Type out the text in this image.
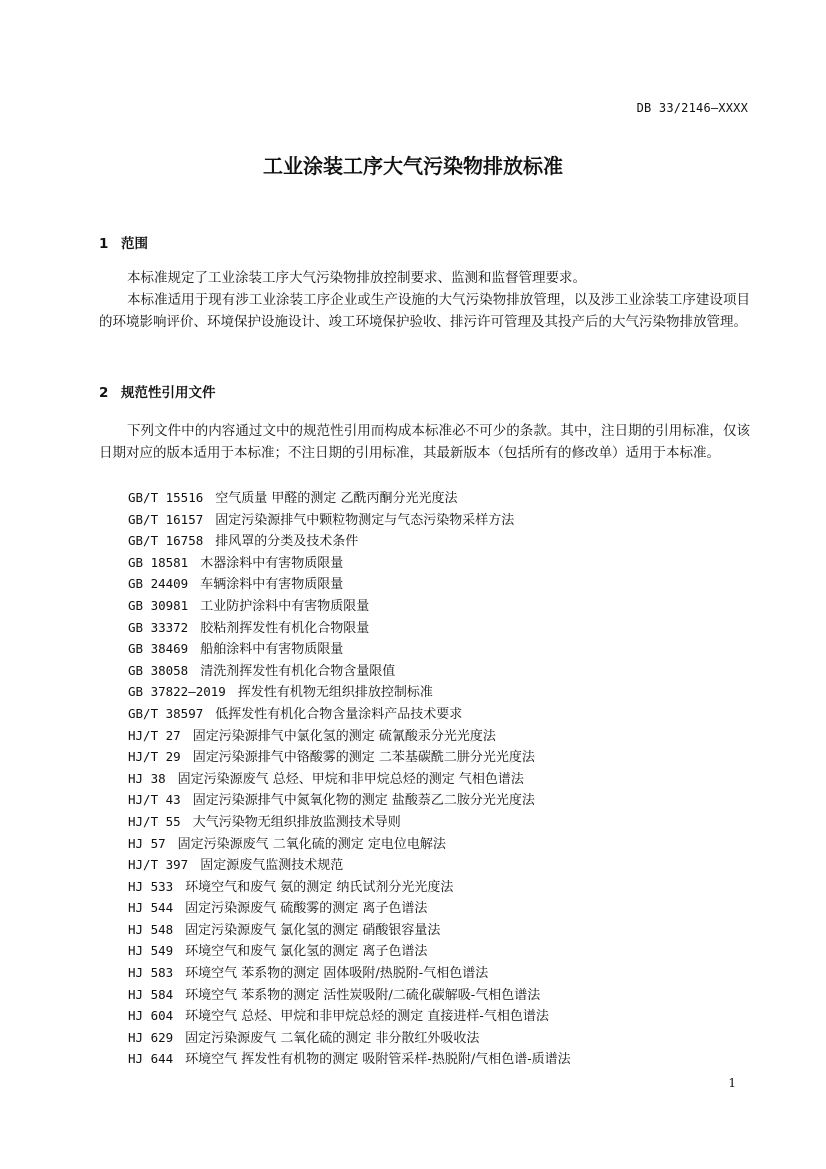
DB 33/2146—XXXX
工业涂装工序大气污染物排放标准
1 范围

本标准规定了工业涂装工序大气污染物排放控制要求、监测和监督管理要求。

本标准适用于现有涉工业涂装工序企业或生产设施的大气污染物排放管理，以及涉工业涂装工序建设项目的环境影响评价、环境保护设施设计、竣工环境保护验收、排污许可管理及其投产后的大气污染物排放管理。

2 规范性引用文件

下列文件中的内容通过文中的规范性引用而构成本标准必不可少的条款。其中，注日期的引用标准，仅该日期对应的版本适用于本标准；不注日期的引用标准，其最新版本（包括所有的修改单）适用于本标准。

GB/T 15516 空气质量 甲醛的测定 乙酰丙酮分光光度法
GB/T 16157 固定污染源排气中颗粒物测定与气态污染物采样方法
GB/T 16758 排风罩的分类及技术条件
GB 18581 木器涂料中有害物质限量
GB 24409 车辆涂料中有害物质限量
GB 30981 工业防护涂料中有害物质限量
GB 33372 胶粘剂挥发性有机化合物限量
GB 38469 船舶涂料中有害物质限量
GB 38058 清洗剂挥发性有机化合物含量限值
GB 37822—2019 挥发性有机物无组织排放控制标准
GB/T 38597 低挥发性有机化合物含量涂料产品技术要求
HJ/T 27 固定污染源排气中氯化氢的测定 硫氰酸汞分光光度法
HJ/T 29 固定污染源排气中铬酸雾的测定 二苯基碳酰二肼分光光度法
HJ 38 固定污染源废气 总烃、甲烷和非甲烷总烃的测定 气相色谱法
HJ/T 43 固定污染源排气中氮氧化物的测定 盐酸萘乙二胺分光光度法
HJ/T 55 大气污染物无组织排放监测技术导则
HJ 57 固定污染源废气 二氧化硫的测定 定电位电解法
HJ/T 397 固定源废气监测技术规范
HJ 533 环境空气和废气 氨的测定 纳氏试剂分光光度法
HJ 544 固定污染源废气 硫酸雾的测定 离子色谱法
HJ 548 固定污染源废气 氯化氢的测定 硝酸银容量法
HJ 549 环境空气和废气 氯化氢的测定 离子色谱法
HJ 583 环境空气 苯系物的测定 固体吸附/热脱附-气相色谱法
HJ 584 环境空气 苯系物的测定 活性炭吸附/二硫化碳解吸-气相色谱法
HJ 604 环境空气 总烃、甲烷和非甲烷总烃的测定 直接进样-气相色谱法
HJ 629 固定污染源废气 二氧化硫的测定 非分散红外吸收法
HJ 644 环境空气 挥发性有机物的测定 吸附管采样-热脱附/气相色谱-质谱法
1
